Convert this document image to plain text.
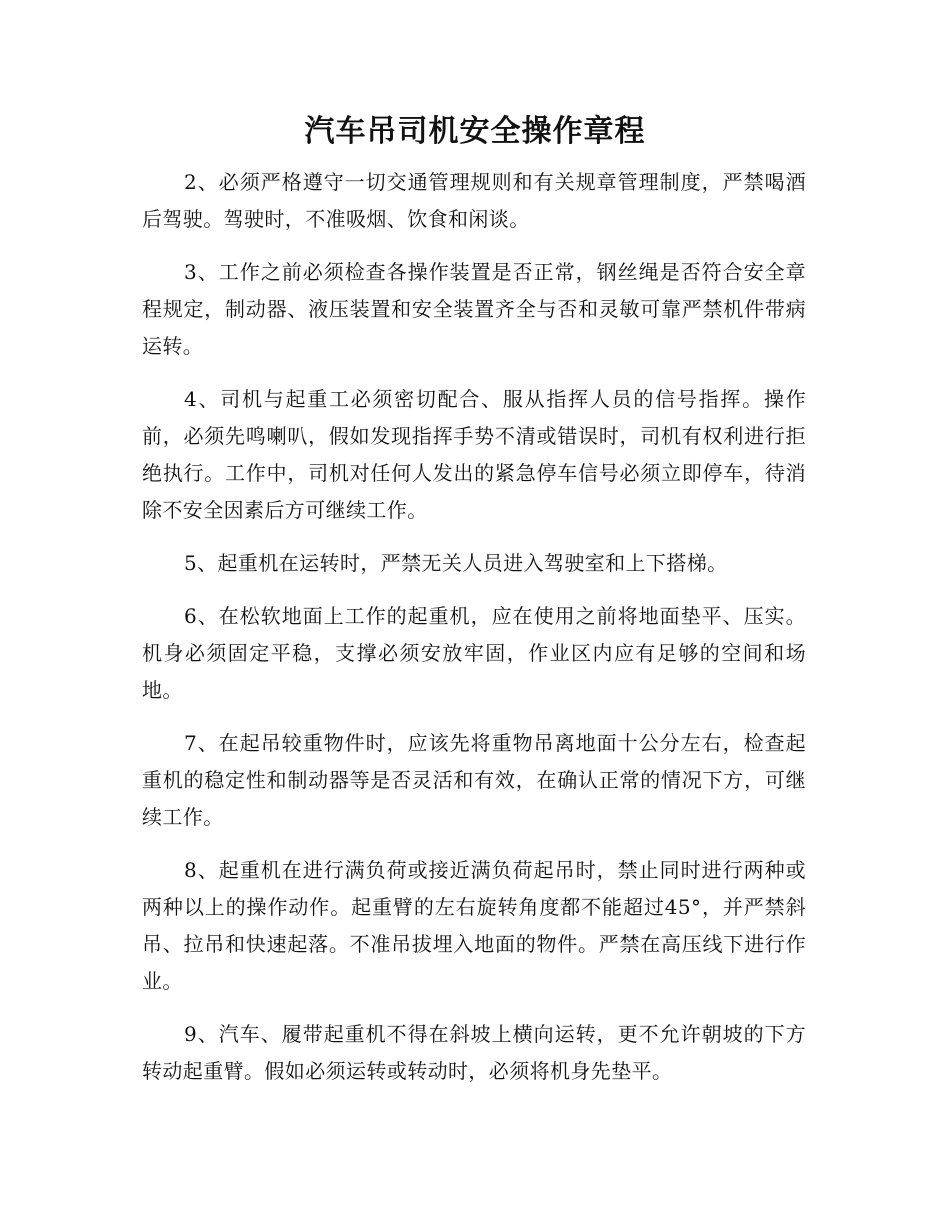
汽车吊司机安全操作章程

2、必须严格遵守一切交通管理规则和有关规章管理制度，严禁喝酒后驾驶。驾驶时，不准吸烟、饮食和闲谈。

3、工作之前必须检查各操作装置是否正常，钢丝绳是否符合安全章程规定，制动器、液压装置和安全装置齐全与否和灵敏可靠严禁机件带病运转。

4、司机与起重工必须密切配合、服从指挥人员的信号指挥。操作前，必须先鸣喇叭，假如发现指挥手势不清或错误时，司机有权利进行拒绝执行。工作中，司机对任何人发出的紧急停车信号必须立即停车，待消除不安全因素后方可继续工作。

5、起重机在运转时，严禁无关人员进入驾驶室和上下搭梯。

6、在松软地面上工作的起重机，应在使用之前将地面垫平、压实。机身必须固定平稳，支撑必须安放牢固，作业区内应有足够的空间和场地。

7、在起吊较重物件时，应该先将重物吊离地面十公分左右，检查起重机的稳定性和制动器等是否灵活和有效，在确认正常的情况下方，可继续工作。

8、起重机在进行满负荷或接近满负荷起吊时，禁止同时进行两种或两种以上的操作动作。起重臂的左右旋转角度都不能超过45°，并严禁斜吊、拉吊和快速起落。不准吊拔埋入地面的物件。严禁在高压线下进行作业。

9、汽车、履带起重机不得在斜坡上横向运转，更不允许朝坡的下方转动起重臂。假如必须运转或转动时，必须将机身先垫平。
